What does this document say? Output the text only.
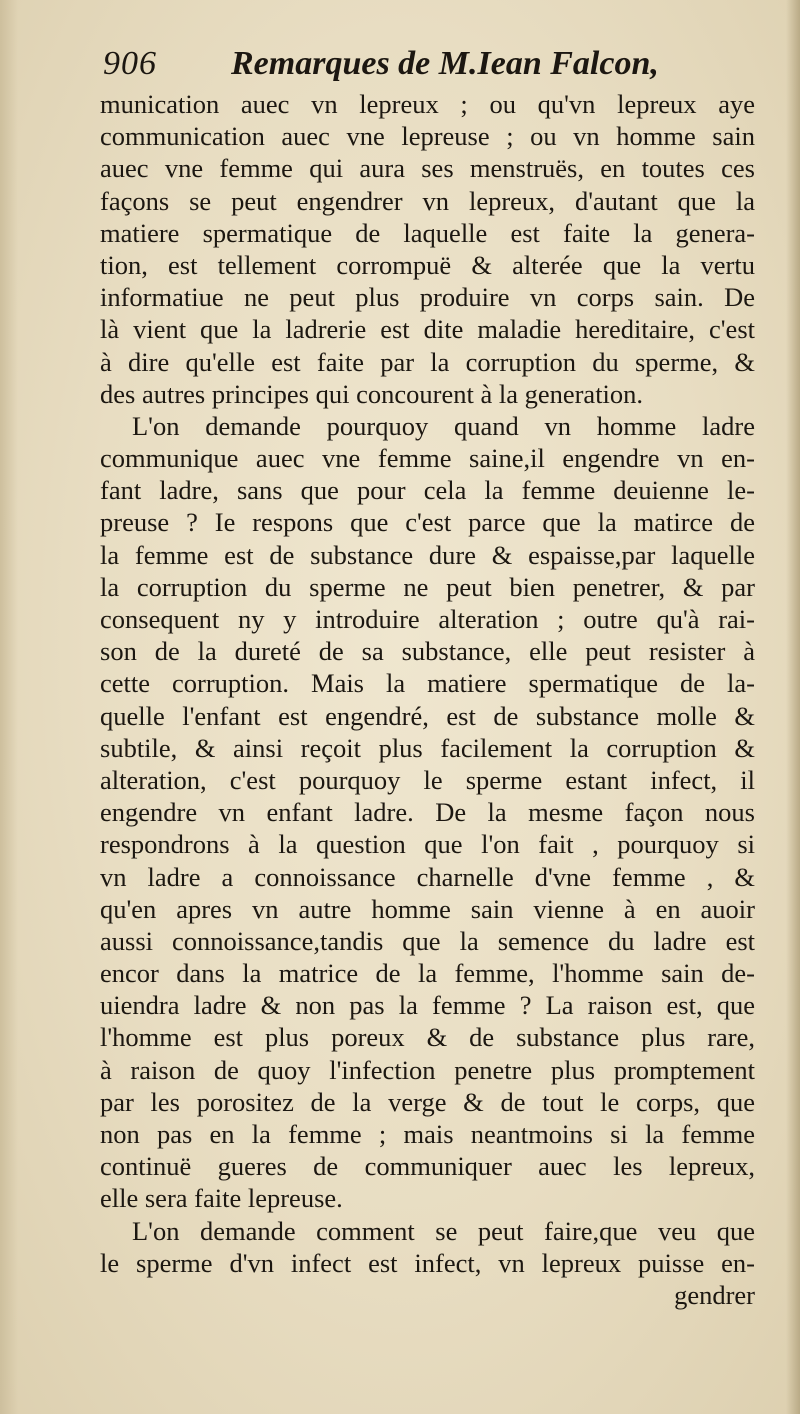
906 Remarques de M.Iean Falcon,
munication auec vn lepreux ; ou qu'vn lepreux aye
communication auec vne lepreuse ; ou vn homme sain
auec vne femme qui aura ses menstruës, en toutes ces
façons se peut engendrer vn lepreux, d'autant que la
matiere spermatique de laquelle est faite la genera-
tion, est tellement corrompuë & alterée que la vertu
informatiue ne peut plus produire vn corps sain. De
là vient que la ladrerie est dite maladie hereditaire, c'est
à dire qu'elle est faite par la corruption du sperme, &
des autres principes qui concourent à la generation.
L'on demande pourquoy quand vn homme ladre
communique auec vne femme saine,il engendre vn en-
fant ladre, sans que pour cela la femme deuienne le-
preuse ? Ie respons que c'est parce que la matirce de
la femme est de substance dure & espaisse,par laquelle
la corruption du sperme ne peut bien penetrer, & par
consequent ny y introduire alteration ; outre qu'à rai-
son de la dureté de sa substance, elle peut resister à
cette corruption. Mais la matiere spermatique de la-
quelle l'enfant est engendré, est de substance molle &
subtile, & ainsi reçoit plus facilement la corruption &
alteration, c'est pourquoy le sperme estant infect, il
engendre vn enfant ladre. De la mesme façon nous
respondrons à la question que l'on fait , pourquoy si
vn ladre a connoissance charnelle d'vne femme , &
qu'en apres vn autre homme sain vienne à en auoir
aussi connoissance,tandis que la semence du ladre est
encor dans la matrice de la femme, l'homme sain de-
uiendra ladre & non pas la femme ? La raison est, que
l'homme est plus poreux & de substance plus rare,
à raison de quoy l'infection penetre plus promptement
par les porositez de la verge & de tout le corps, que
non pas en la femme ; mais neantmoins si la femme
continuë gueres de communiquer auec les lepreux,
elle sera faite lepreuse.
L'on demande comment se peut faire,que veu que
le sperme d'vn infect est infect, vn lepreux puisse en-
gendrer
